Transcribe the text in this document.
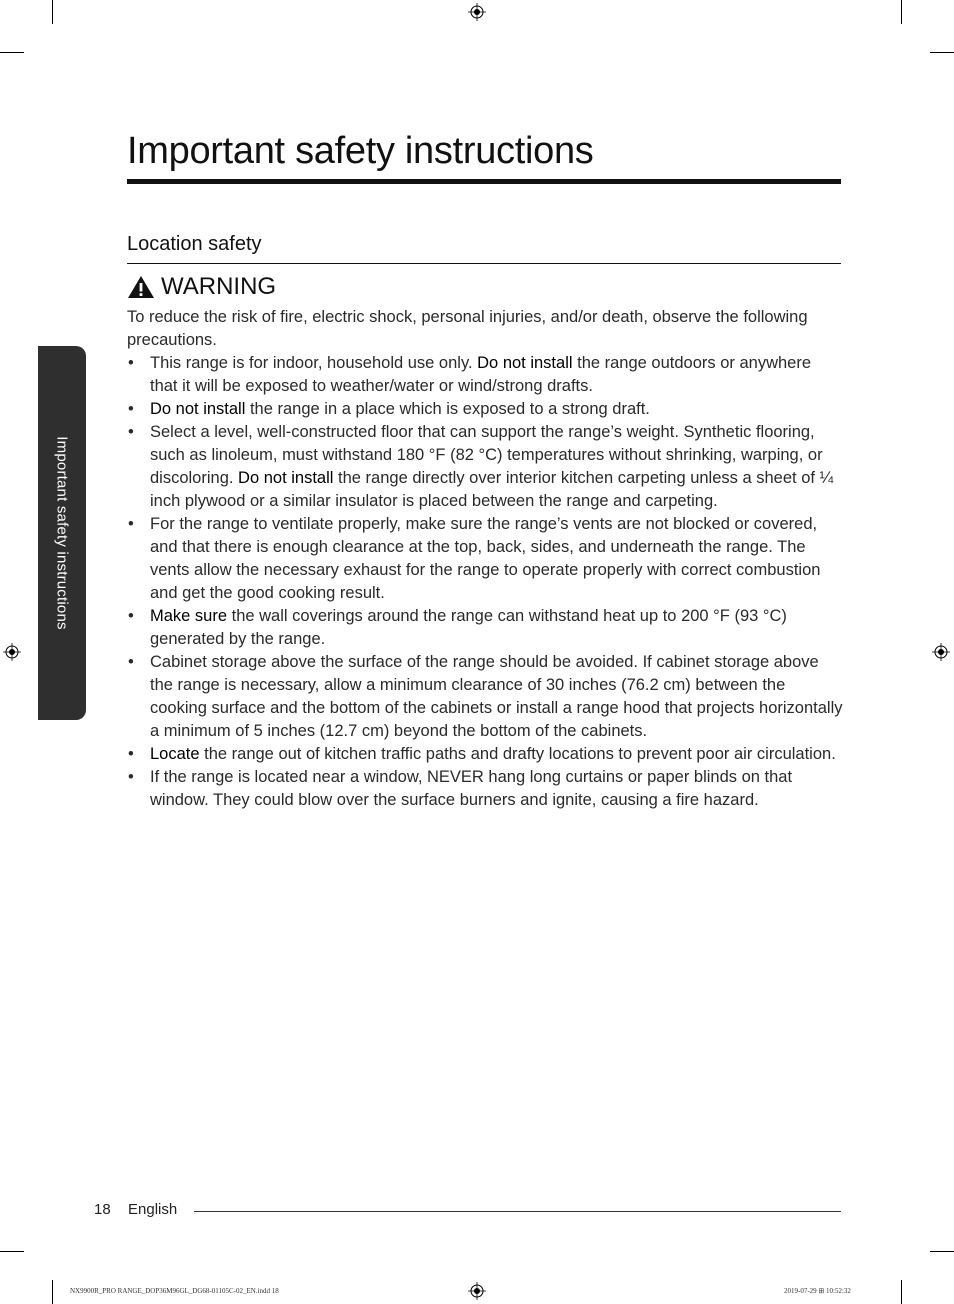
Important safety instructions
Important safety instructions
Location safety
WARNING

To reduce the risk of fire, electric shock, personal injuries, and/or death, observe the following precautions.

• This range is for indoor, household use only. Do not install the range outdoors or anywhere that it will be exposed to weather/water or wind/strong drafts.
• Do not install the range in a place which is exposed to a strong draft.
• Select a level, well-constructed floor that can support the range’s weight. Synthetic flooring, such as linoleum, must withstand 180 °F (82 °C) temperatures without shrinking, warping, or discoloring. Do not install the range directly over interior kitchen carpeting unless a sheet of ¼ inch plywood or a similar insulator is placed between the range and carpeting.
• For the range to ventilate properly, make sure the range’s vents are not blocked or covered, and that there is enough clearance at the top, back, sides, and underneath the range. The vents allow the necessary exhaust for the range to operate properly with correct combustion and get the good cooking result.
• Make sure the wall coverings around the range can withstand heat up to 200 °F (93 °C) generated by the range.
• Cabinet storage above the surface of the range should be avoided. If cabinet storage above the range is necessary, allow a minimum clearance of 30 inches (76.2 cm) between the cooking surface and the bottom of the cabinets or install a range hood that projects horizontally a minimum of 5 inches (12.7 cm) beyond the bottom of the cabinets.
• Locate the range out of kitchen traffic paths and drafty locations to prevent poor air circulation.
• If the range is located near a window, NEVER hang long curtains or paper blinds on that window. They could blow over the surface burners and ignite, causing a fire hazard.
18 English
NX9900R_PRO RANGE_DOP36M96GL_DG68-01105C-02_EN.indd 18	2019-07-29 ⊞ 10:52:32
